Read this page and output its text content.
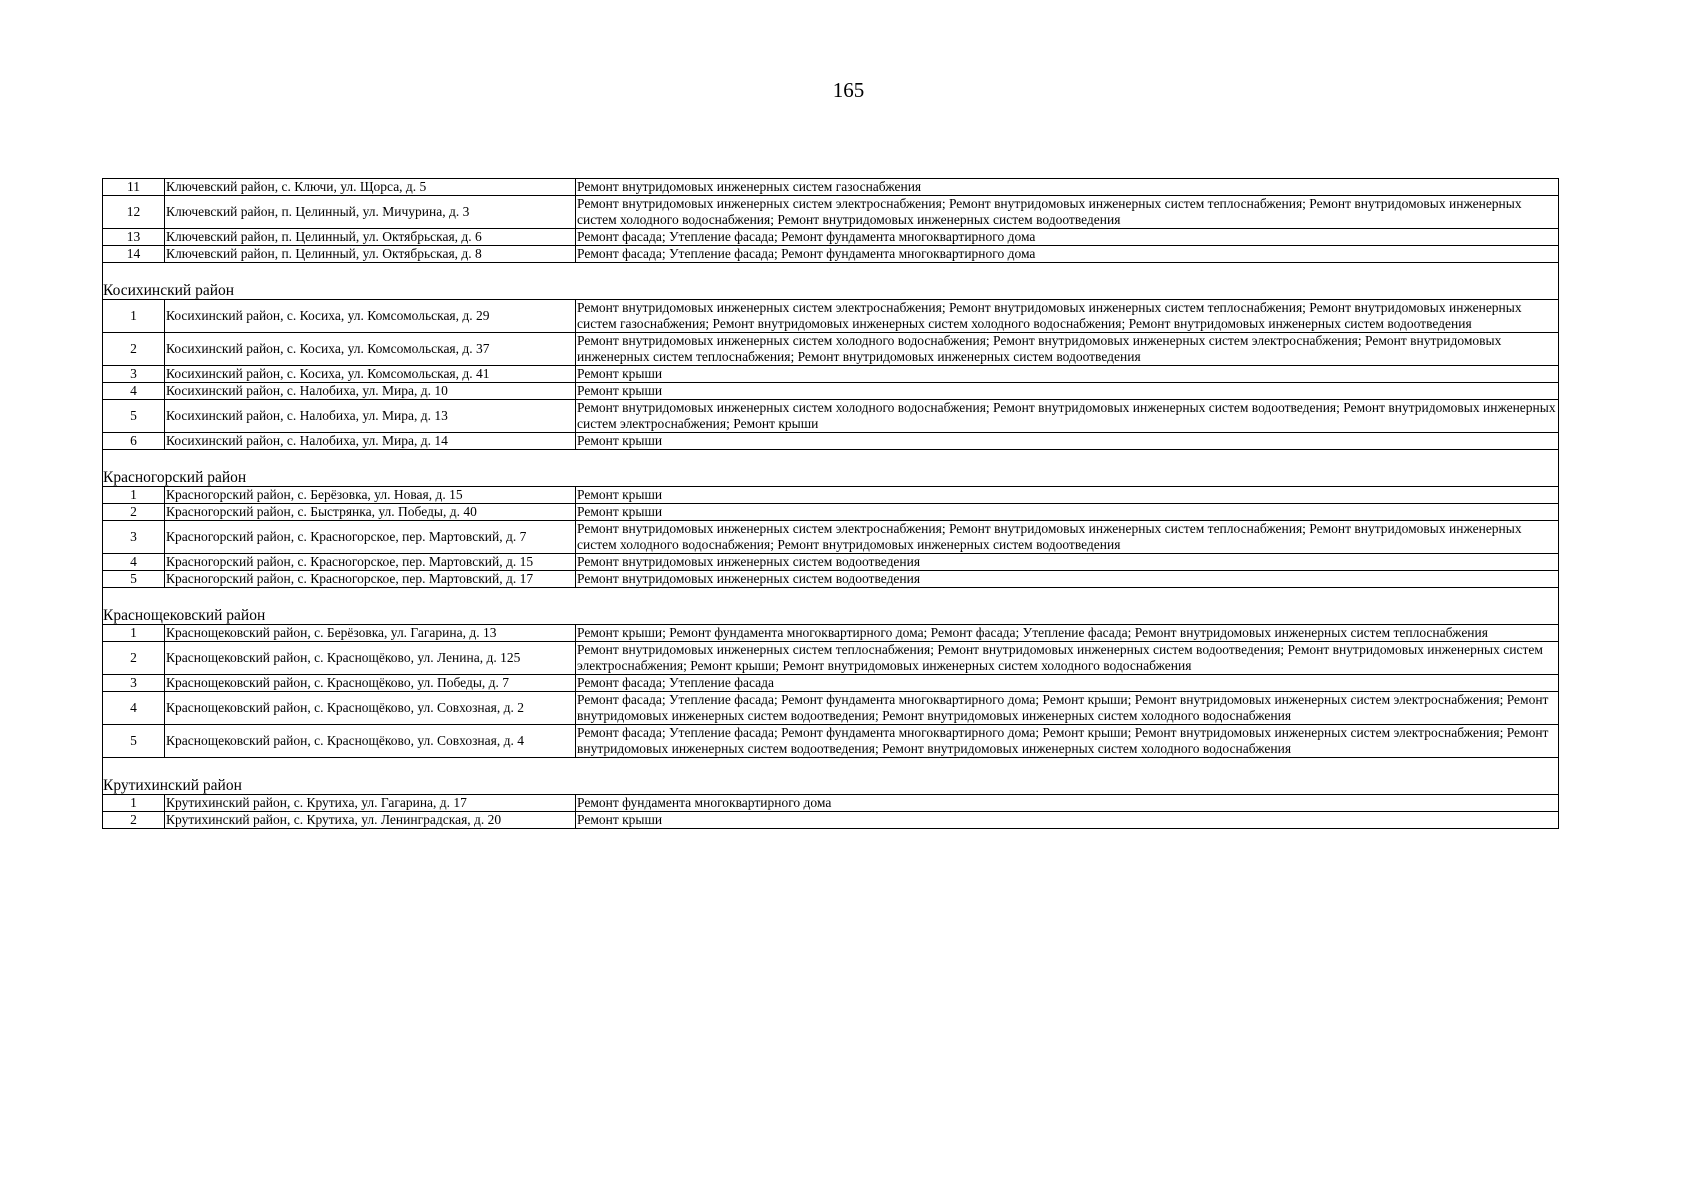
165
11	Ключевский район, с. Ключи, ул. Щорса, д. 5	Ремонт внутридомовых инженерных систем газоснабжения
12	Ключевский район, п. Целинный, ул. Мичурина, д. 3	Ремонт внутридомовых инженерных систем электроснабжения; Ремонт внутридомовых инженерных систем теплоснабжения; Ремонт внутридомовых инженерных систем холодного водоснабжения; Ремонт внутридомовых инженерных систем водоотведения
13	Ключевский район, п. Целинный, ул. Октябрьская, д. 6	Ремонт фасада; Утепление фасада; Ремонт фундамента многоквартирного дома
14	Ключевский район, п. Целинный, ул. Октябрьская, д. 8	Ремонт фасада; Утепление фасада; Ремонт фундамента многоквартирного дома

Косихинский район		
1	Косихинский район, с. Косиха, ул. Комсомольская, д. 29	Ремонт внутридомовых инженерных систем электроснабжения; Ремонт внутридомовых инженерных систем теплоснабжения; Ремонт внутридомовых инженерных систем газоснабжения; Ремонт внутридомовых инженерных систем холодного водоснабжения; Ремонт внутридомовых инженерных систем водоотведения
2	Косихинский район, с. Косиха, ул. Комсомольская, д. 37	Ремонт внутридомовых инженерных систем холодного водоснабжения; Ремонт внутридомовых инженерных систем электроснабжения; Ремонт внутридомовых инженерных систем теплоснабжения; Ремонт внутридомовых инженерных систем водоотведения
3	Косихинский район, с. Косиха, ул. Комсомольская, д. 41	Ремонт крыши
4	Косихинский район, с. Налобиха, ул. Мира, д. 10	Ремонт крыши
5	Косихинский район, с. Налобиха, ул. Мира, д. 13	Ремонт внутридомовых инженерных систем холодного водоснабжения; Ремонт внутридомовых инженерных систем водоотведения; Ремонт внутридомовых инженерных систем электроснабжения; Ремонт крыши
6	Косихинский район, с. Налобиха, ул. Мира, д. 14	Ремонт крыши

Красногорский район		
1	Красногорский район, с. Берёзовка, ул. Новая, д. 15	Ремонт крыши
2	Красногорский район, с. Быстрянка, ул. Победы, д. 40	Ремонт крыши
3	Красногорский район, с. Красногорское, пер. Мартовский, д. 7	Ремонт внутридомовых инженерных систем электроснабжения; Ремонт внутридомовых инженерных систем теплоснабжения; Ремонт внутридомовых инженерных систем холодного водоснабжения; Ремонт внутридомовых инженерных систем водоотведения
4	Красногорский район, с. Красногорское, пер. Мартовский, д. 15	Ремонт внутридомовых инженерных систем водоотведения
5	Красногорский район, с. Красногорское, пер. Мартовский, д. 17	Ремонт внутридомовых инженерных систем водоотведения

Краснощековский район		
1	Краснощековский район, с. Берёзовка, ул. Гагарина, д. 13	Ремонт крыши; Ремонт фундамента многоквартирного дома; Ремонт фасада; Утепление фасада; Ремонт внутридомовых инженерных систем теплоснабжения
2	Краснощековский район, с. Краснощёково, ул. Ленина, д. 125	Ремонт внутридомовых инженерных систем теплоснабжения; Ремонт внутридомовых инженерных систем водоотведения; Ремонт внутридомовых инженерных систем электроснабжения; Ремонт крыши; Ремонт внутридомовых инженерных систем холодного водоснабжения
3	Краснощековский район, с. Краснощёково, ул. Победы, д. 7	Ремонт фасада; Утепление фасада
4	Краснощековский район, с. Краснощёково, ул. Совхозная, д. 2	Ремонт фасада; Утепление фасада; Ремонт фундамента многоквартирного дома; Ремонт крыши; Ремонт внутридомовых инженерных систем электроснабжения; Ремонт внутридомовых инженерных систем водоотведения; Ремонт внутридомовых инженерных систем холодного водоснабжения
5	Краснощековский район, с. Краснощёково, ул. Совхозная, д. 4	Ремонт фасада; Утепление фасада; Ремонт фундамента многоквартирного дома; Ремонт крыши; Ремонт внутридомовых инженерных систем электроснабжения; Ремонт внутридомовых инженерных систем водоотведения; Ремонт внутридомовых инженерных систем холодного водоснабжения

Крутихинский район		
1	Крутихинский район, с. Крутиха, ул. Гагарина, д. 17	Ремонт фундамента многоквартирного дома
2	Крутихинский район, с. Крутиха, ул. Ленинградская, д. 20	Ремонт крыши
